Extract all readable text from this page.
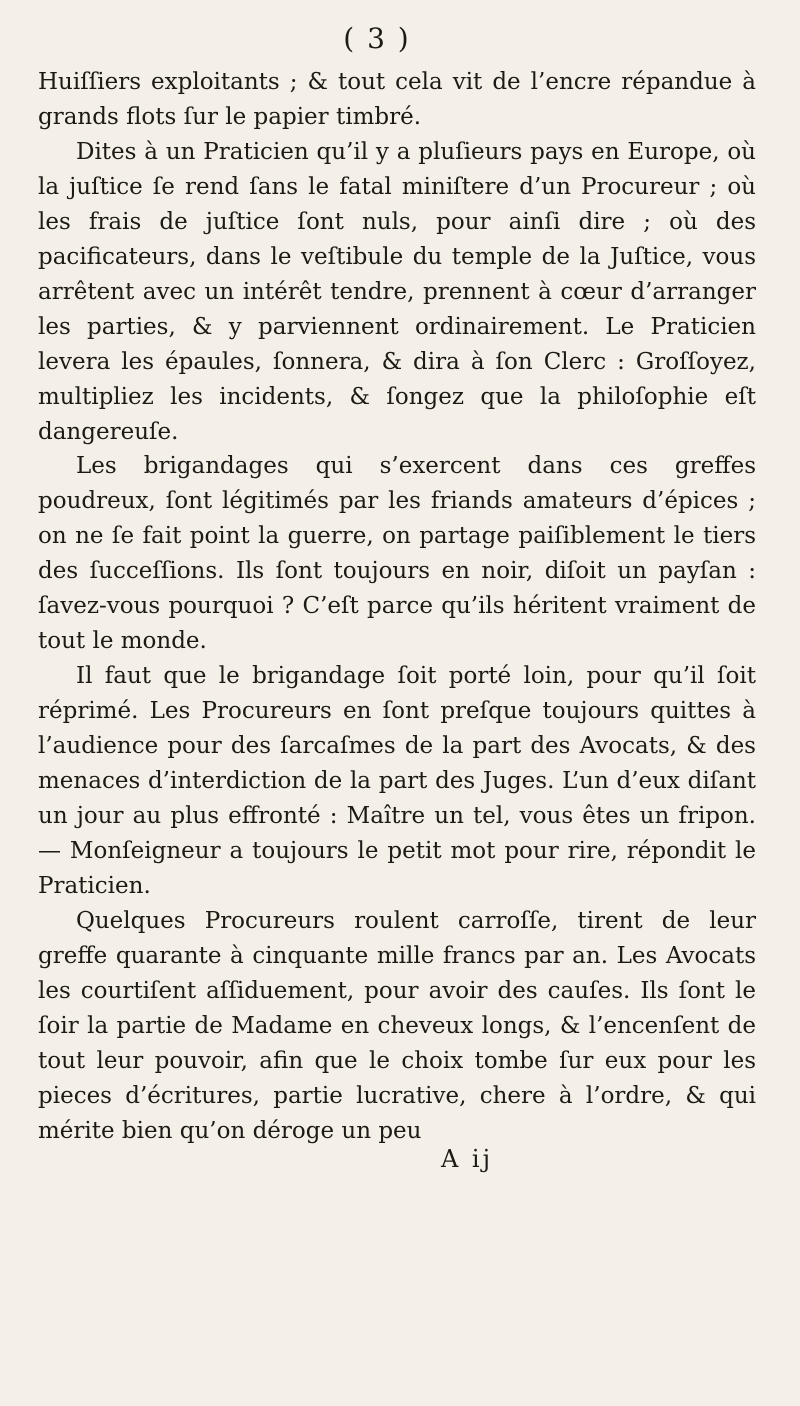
( 3 )

Huiſſiers exploitants ; & tout cela vit de l’encre répandue à grands flots ſur le papier timbré.

Dites à un Praticien qu’il y a pluſieurs pays en Europe, où la juſtice ſe rend ſans le fatal miniſtere d’un Procureur ; où les frais de juſtice ſont nuls, pour ainſi dire ; où des pacificateurs, dans le veſtibule du temple de la Juſtice, vous arrêtent avec un intérêt tendre, prennent à cœur d’arranger les parties, & y parviennent ordinairement. Le Praticien levera les épaules, ſonnera, & dira à ſon Clerc : Groſſoyez, multipliez les incidents, & ſongez que la philoſophie eſt dangereuſe.

Les brigandages qui s’exercent dans ces greffes poudreux, ſont légitimés par les friands amateurs d’épices ; on ne ſe fait point la guerre, on partage paiſiblement le tiers des ſucceſſions. Ils ſont toujours en noir, diſoit un payſan : ſavez-vous pourquoi ? C’eſt parce qu’ils héritent vraiment de tout le monde.

Il faut que le brigandage ſoit porté loin, pour qu’il ſoit réprimé. Les Procureurs en ſont preſque toujours quittes à l’audience pour des ſarcaſmes de la part des Avocats, & des menaces d’interdiction de la part des Juges. L’un d’eux diſant un jour au plus effronté : Maître un tel, vous êtes un fripon. — Monſeigneur a toujours le petit mot pour rire, répondit le Praticien.

Quelques Procureurs roulent carroſſe, tirent de leur greffe quarante à cinquante mille francs par an. Les Avocats les courtiſent aſſiduement, pour avoir des cauſes. Ils ſont le ſoir la partie de Madame en cheveux longs, & l’encenſent de tout leur pouvoir, afin que le choix tombe ſur eux pour les pieces d’écritures, partie lucrative, chere à l’ordre, & qui mérite bien qu’on déroge un peu

A ij
